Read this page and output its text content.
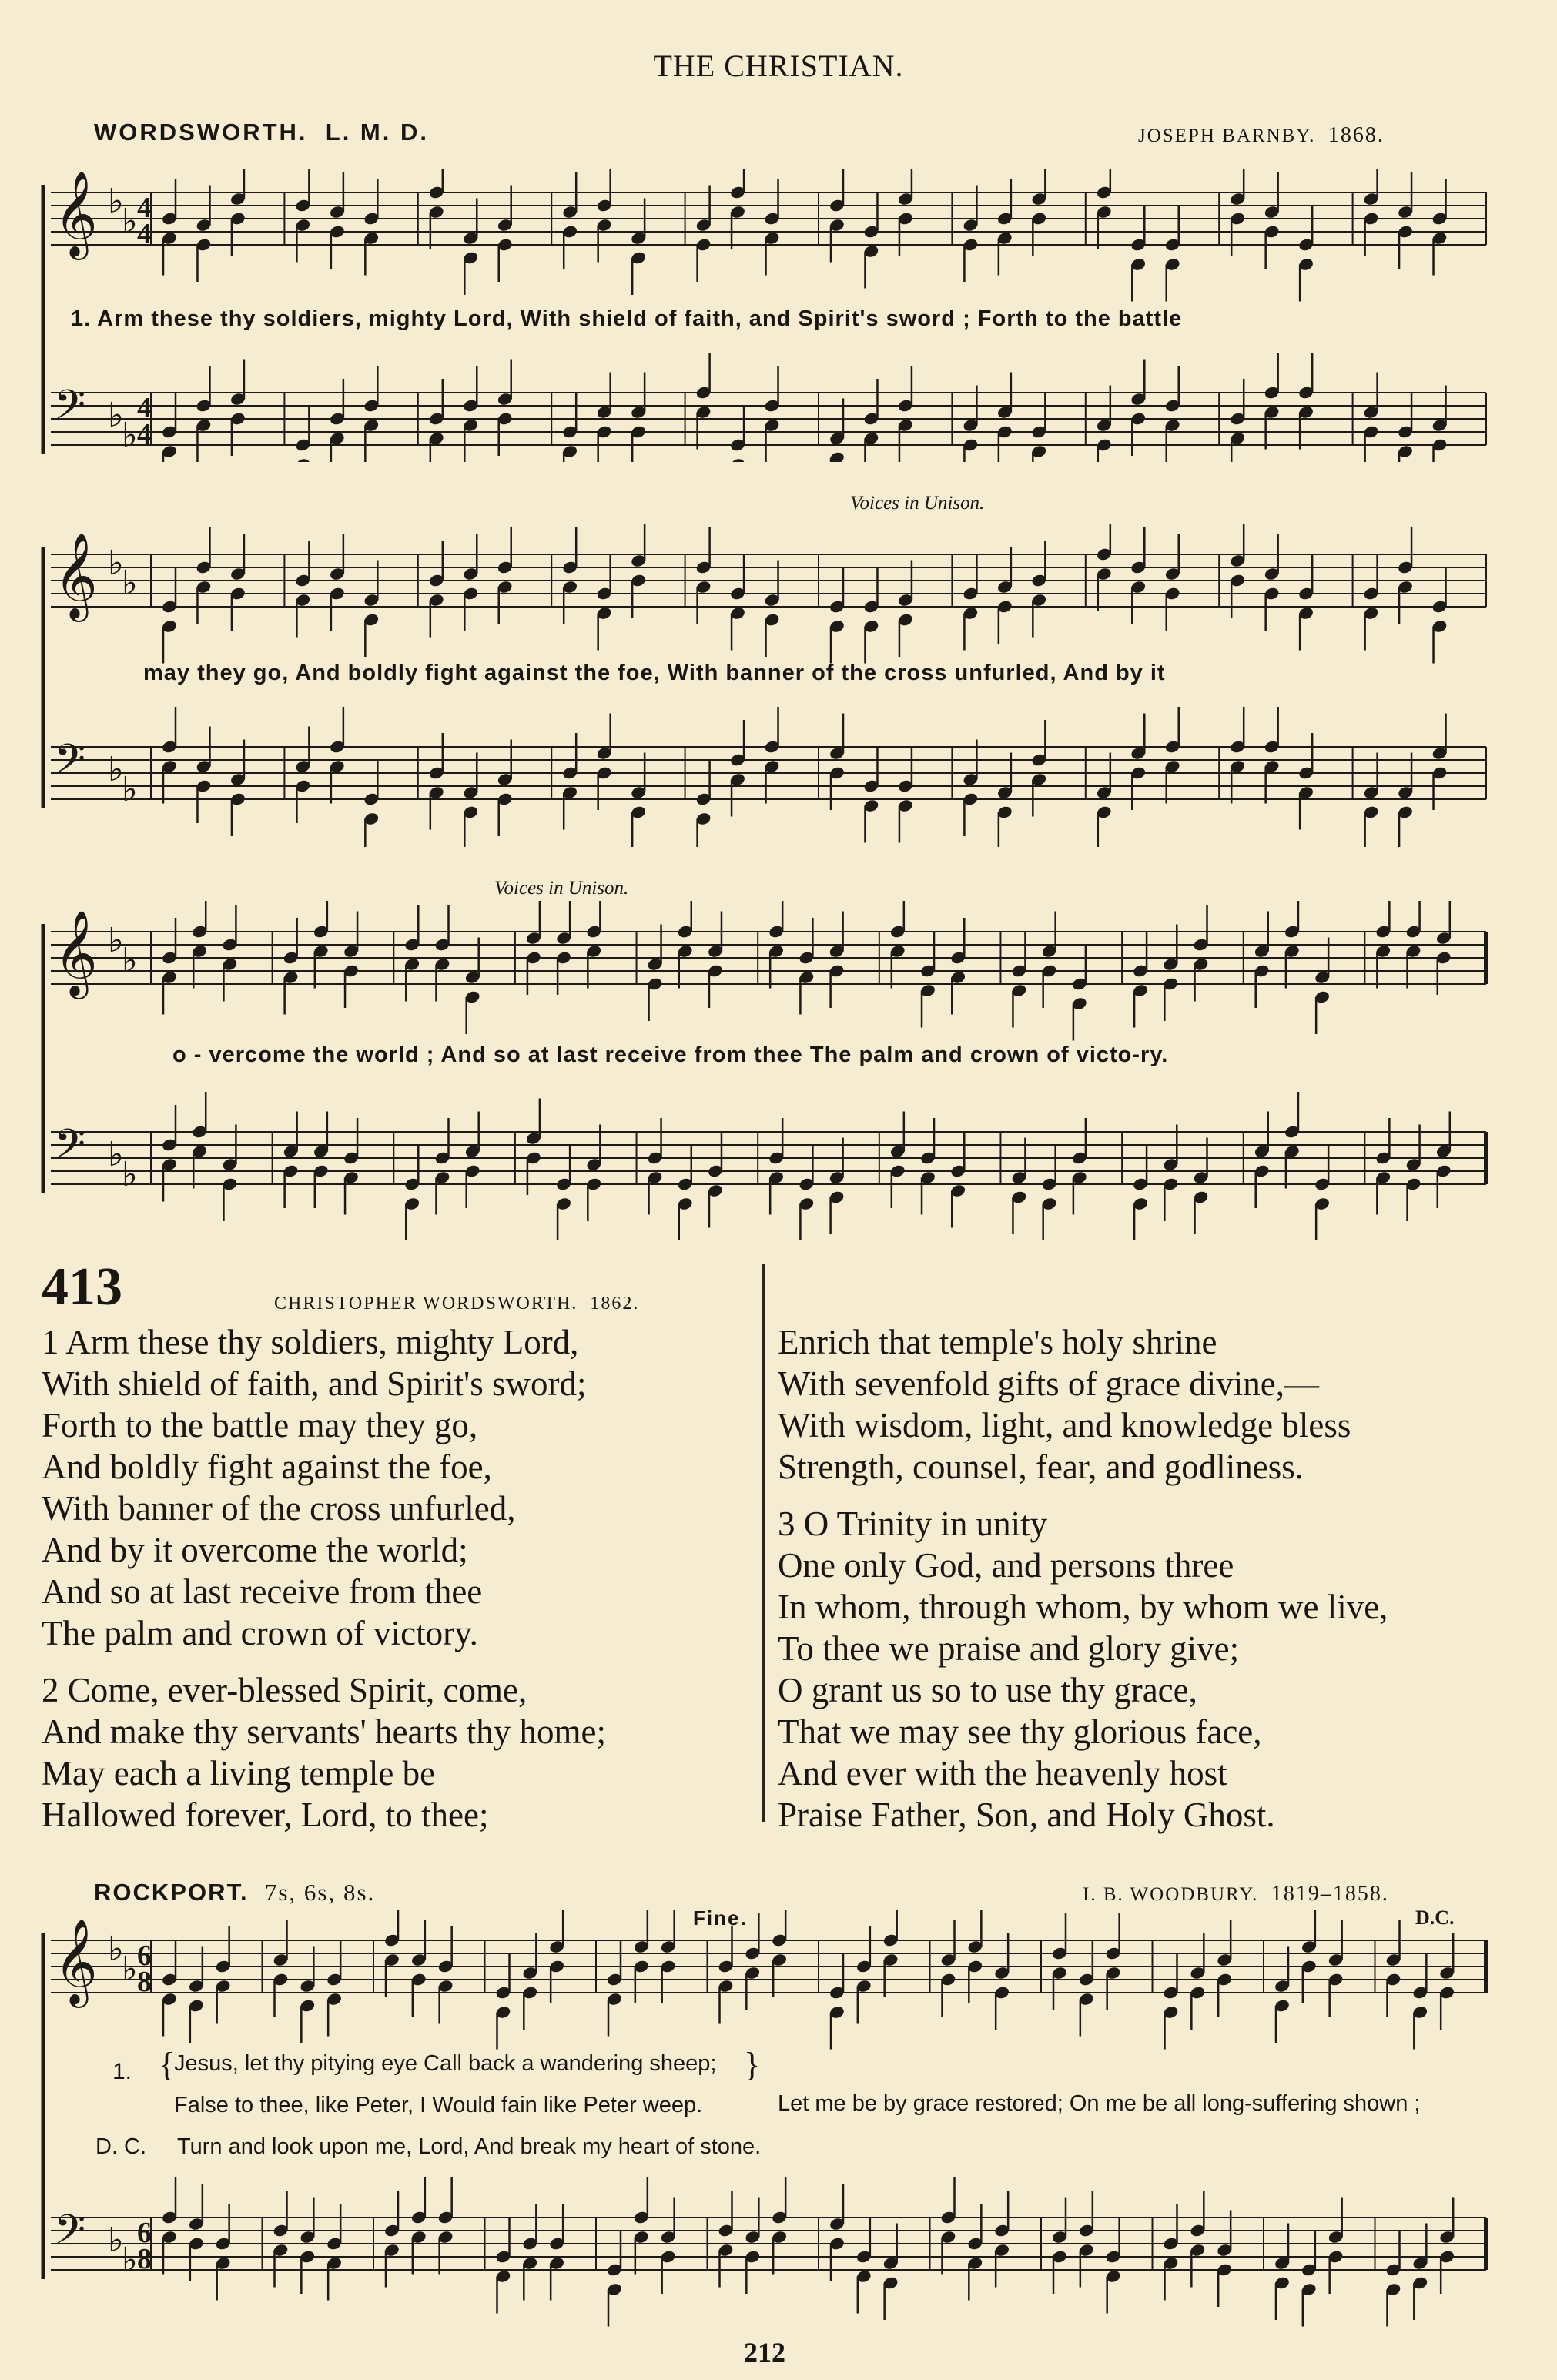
THE CHRISTIAN.
WORDSWORTH. L. M. D.	JOSEPH BARNBY. 1868.
𝄞 ♭
♭
𝄢 ♭
♭
4
4
4
4
1. Arm these thy soldiers, mighty Lord, With shield of faith, and Spirit's sword ; Forth to the battle
𝄞 ♭
♭
𝄢 ♭
♭
Voices in Unison.
may they go, And boldly fight against the foe, With banner of the cross unfurled, And by it
𝄞 ♭
♭
𝄢 ♭
♭
Voices in Unison.
o - vercome the world ; And so at last receive from thee The palm and crown of victo-ry.
413	CHRISTOPHER WORDSWORTH. 1862.

1 Arm these thy soldiers, mighty Lord,

With shield of faith, and Spirit's sword;

Forth to the battle may they go,

And boldly fight against the foe,

With banner of the cross unfurled,

And by it overcome the world;

And so at last receive from thee

The palm and crown of victory.

2 Come, ever-blessed Spirit, come,

And make thy servants' hearts thy home;

May each a living temple be

Hallowed forever, Lord, to thee;

Enrich that temple's holy shrine

With sevenfold gifts of grace divine,—

With wisdom, light, and knowledge bless

Strength, counsel, fear, and godliness.

3 O Trinity in unity

One only God, and persons three

In whom, through whom, by whom we live,

To thee we praise and glory give;

O grant us so to use thy grace,

That we may see thy glorious face,

And ever with the heavenly host

Praise Father, Son, and Holy Ghost.

ROCKPORT. 7s, 6s, 8s.	I. B. WOODBURY. 1819–1858.
𝄞 ♭
♭
𝄢 ♭
♭
6
8
6
8
Fine.	D.C.
1. {
Jesus, let thy pitying eye Call back a wandering sheep;
False to thee, like Peter, I Would fain like Peter weep.
}
Let me be by grace restored; On me be all long-suffering shown ;
D. C. Turn and look upon me, Lord, And break my heart of stone.
212
